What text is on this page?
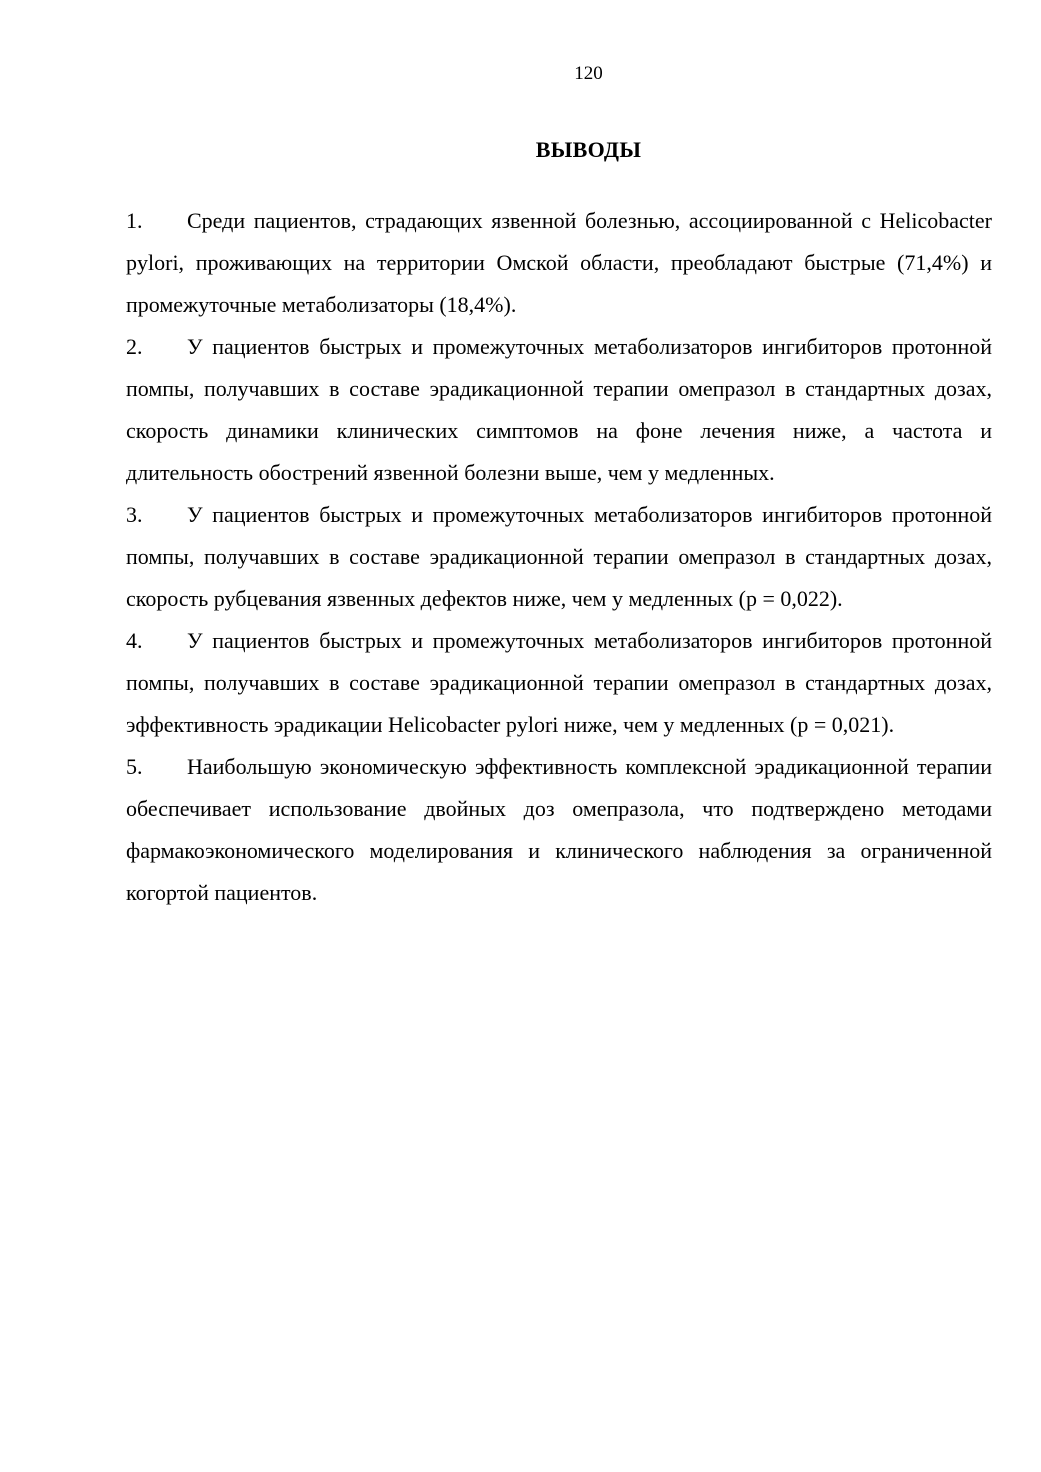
120
ВЫВОДЫ

1. Среди пациентов, страдающих язвенной болезнью, ассоциированной с Helicobacter pylori, проживающих на территории Омской области, преобладают быстрые (71,4%) и промежуточные метаболизаторы (18,4%).

2. У пациентов быстрых и промежуточных метаболизаторов ингибиторов протонной помпы, получавших в составе эрадикационной терапии омепразол в стандартных дозах, скорость динамики клинических симптомов на фоне лечения ниже, а частота и длительность обострений язвенной болезни выше, чем у медленных.

3. У пациентов быстрых и промежуточных метаболизаторов ингибиторов протонной помпы, получавших в составе эрадикационной терапии омепразол в стандартных дозах, скорость рубцевания язвенных дефектов ниже, чем у медленных (p = 0,022).

4. У пациентов быстрых и промежуточных метаболизаторов ингибиторов протонной помпы, получавших в составе эрадикационной терапии омепразол в стандартных дозах, эффективность эрадикации Helicobacter pylori ниже, чем у медленных (p = 0,021).

5. Наибольшую экономическую эффективность комплексной эрадикационной терапии обеспечивает использование двойных доз омепразола, что подтверждено методами фармакоэкономического моделирования и клинического наблюдения за ограниченной когортой пациентов.
